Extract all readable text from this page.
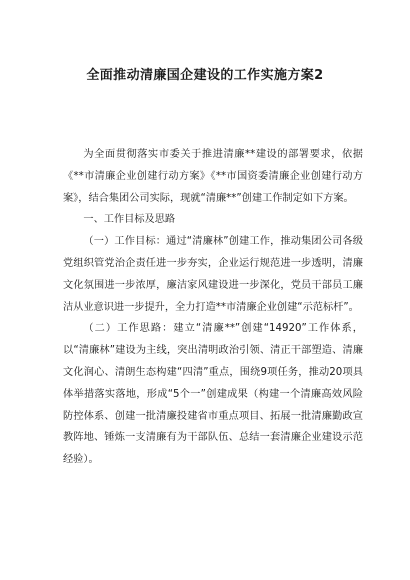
全面推动清廉国企建设的工作实施方案2

为全面贯彻落实市委关于推进清廉**建设的部署要求，依据《**市清廉企业创建行动方案》《**市国资委清廉企业创建行动方案》，结合集团公司实际，现就“清廉**”创建工作制定如下方案。

一、工作目标及思路

（一）工作目标：通过“清廉林”创建工作，推动集团公司各级党组织管党治企责任进一步夯实，企业运行规范进一步透明，清廉文化氛围进一步浓厚，廉洁家风建设进一步深化，党员干部员工廉洁从业意识进一步提升，全力打造**市清廉企业创建“示范标杆”。

（二）工作思路：建立“清廉**”创建“14920”工作体系，以“清廉林”建设为主线，突出清明政治引领、清正干部塑造、清廉文化润心、清朗生态构建“四清”重点，围绕9项任务，推动20项具体举措落实落地，形成“5个一”创建成果（构建一个清廉高效风险防控体系、创建一批清廉投建省市重点项目、拓展一批清廉勤政宣教阵地、锤炼一支清廉有为干部队伍、总结一套清廉企业建设示范经验）。
